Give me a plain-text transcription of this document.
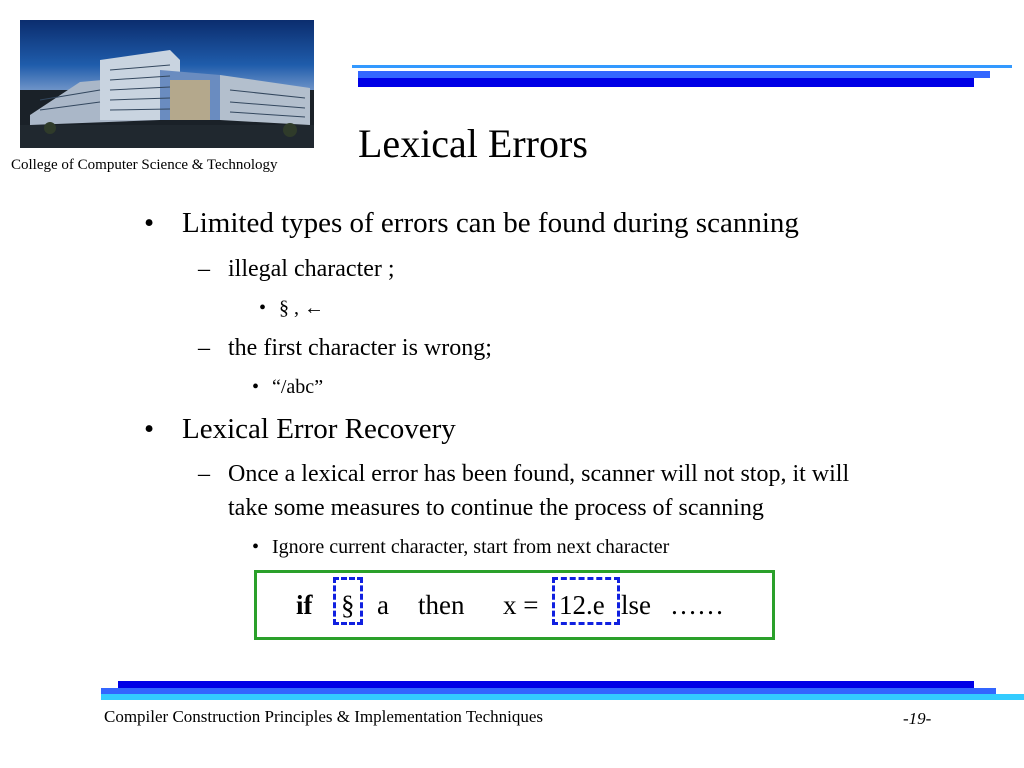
College of Computer Science & Technology Lexical Errors
• Limited types of errors can be found during scanning
– illegal character ;
• § , ←
– the first character is wrong;
• “/abc”
• Lexical Error Recovery
– Once a lexical error has been found, scanner will not stop, it will
take some measures to continue the process of scanning
• Ignore current character, start from next character
if § a then x = 12.e lse ……
Compiler Construction Principles & Implementation Techniques	-19-
